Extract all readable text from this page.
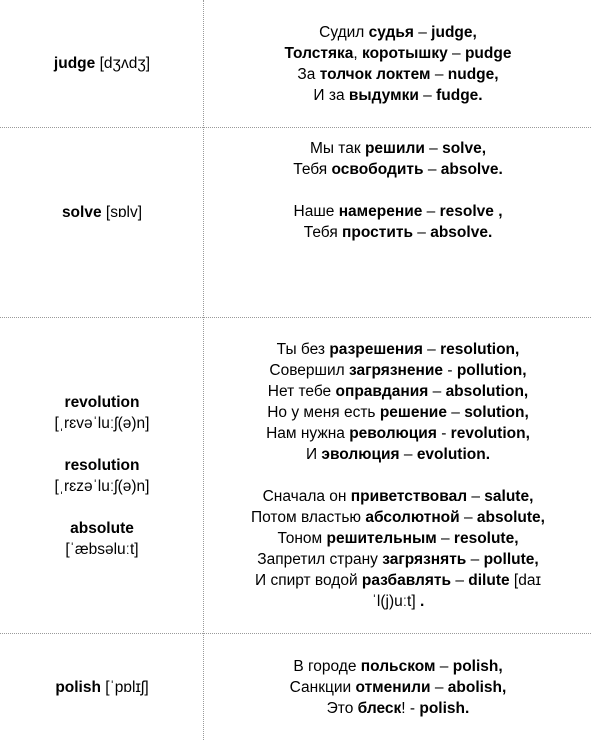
judge [dʒʌdʒ]
Судил судья – judge,
Толстяка, коротышку – pudge
За толчок локтем – nudge,
И за выдумки – fudge.
solve [sɒlv]
Мы так решили – solve,
Тебя освободить – absolve.
Наше намерение – resolve ,
Тебя простить – absolve.
revolution
[ˌrɛvəˈluːʃ(ə)n]
resolution
[ˌrɛzəˈluːʃ(ə)n]
absolute
[ˈæbsəluːt]
Ты без разрешения – resolution,
Совершил загрязнение - pollution,
Нет тебе оправдания – absolution,
Но у меня есть решение – solution,
Нам нужна революция - revolution,
И эволюция – evolution.
Сначала он приветствовал – salute,
Потом властью абсолютной – absolute,
Тоном решительным – resolute,
Запретил страну загрязнять – pollute,
И спирт водой разбавлять – dilute [daɪ
ˈl(j)uːt] .
polish [ˈpɒlɪʃ]
В городе польском – polish,
Санкции отменили – abolish,
Это блеск! - polish.
